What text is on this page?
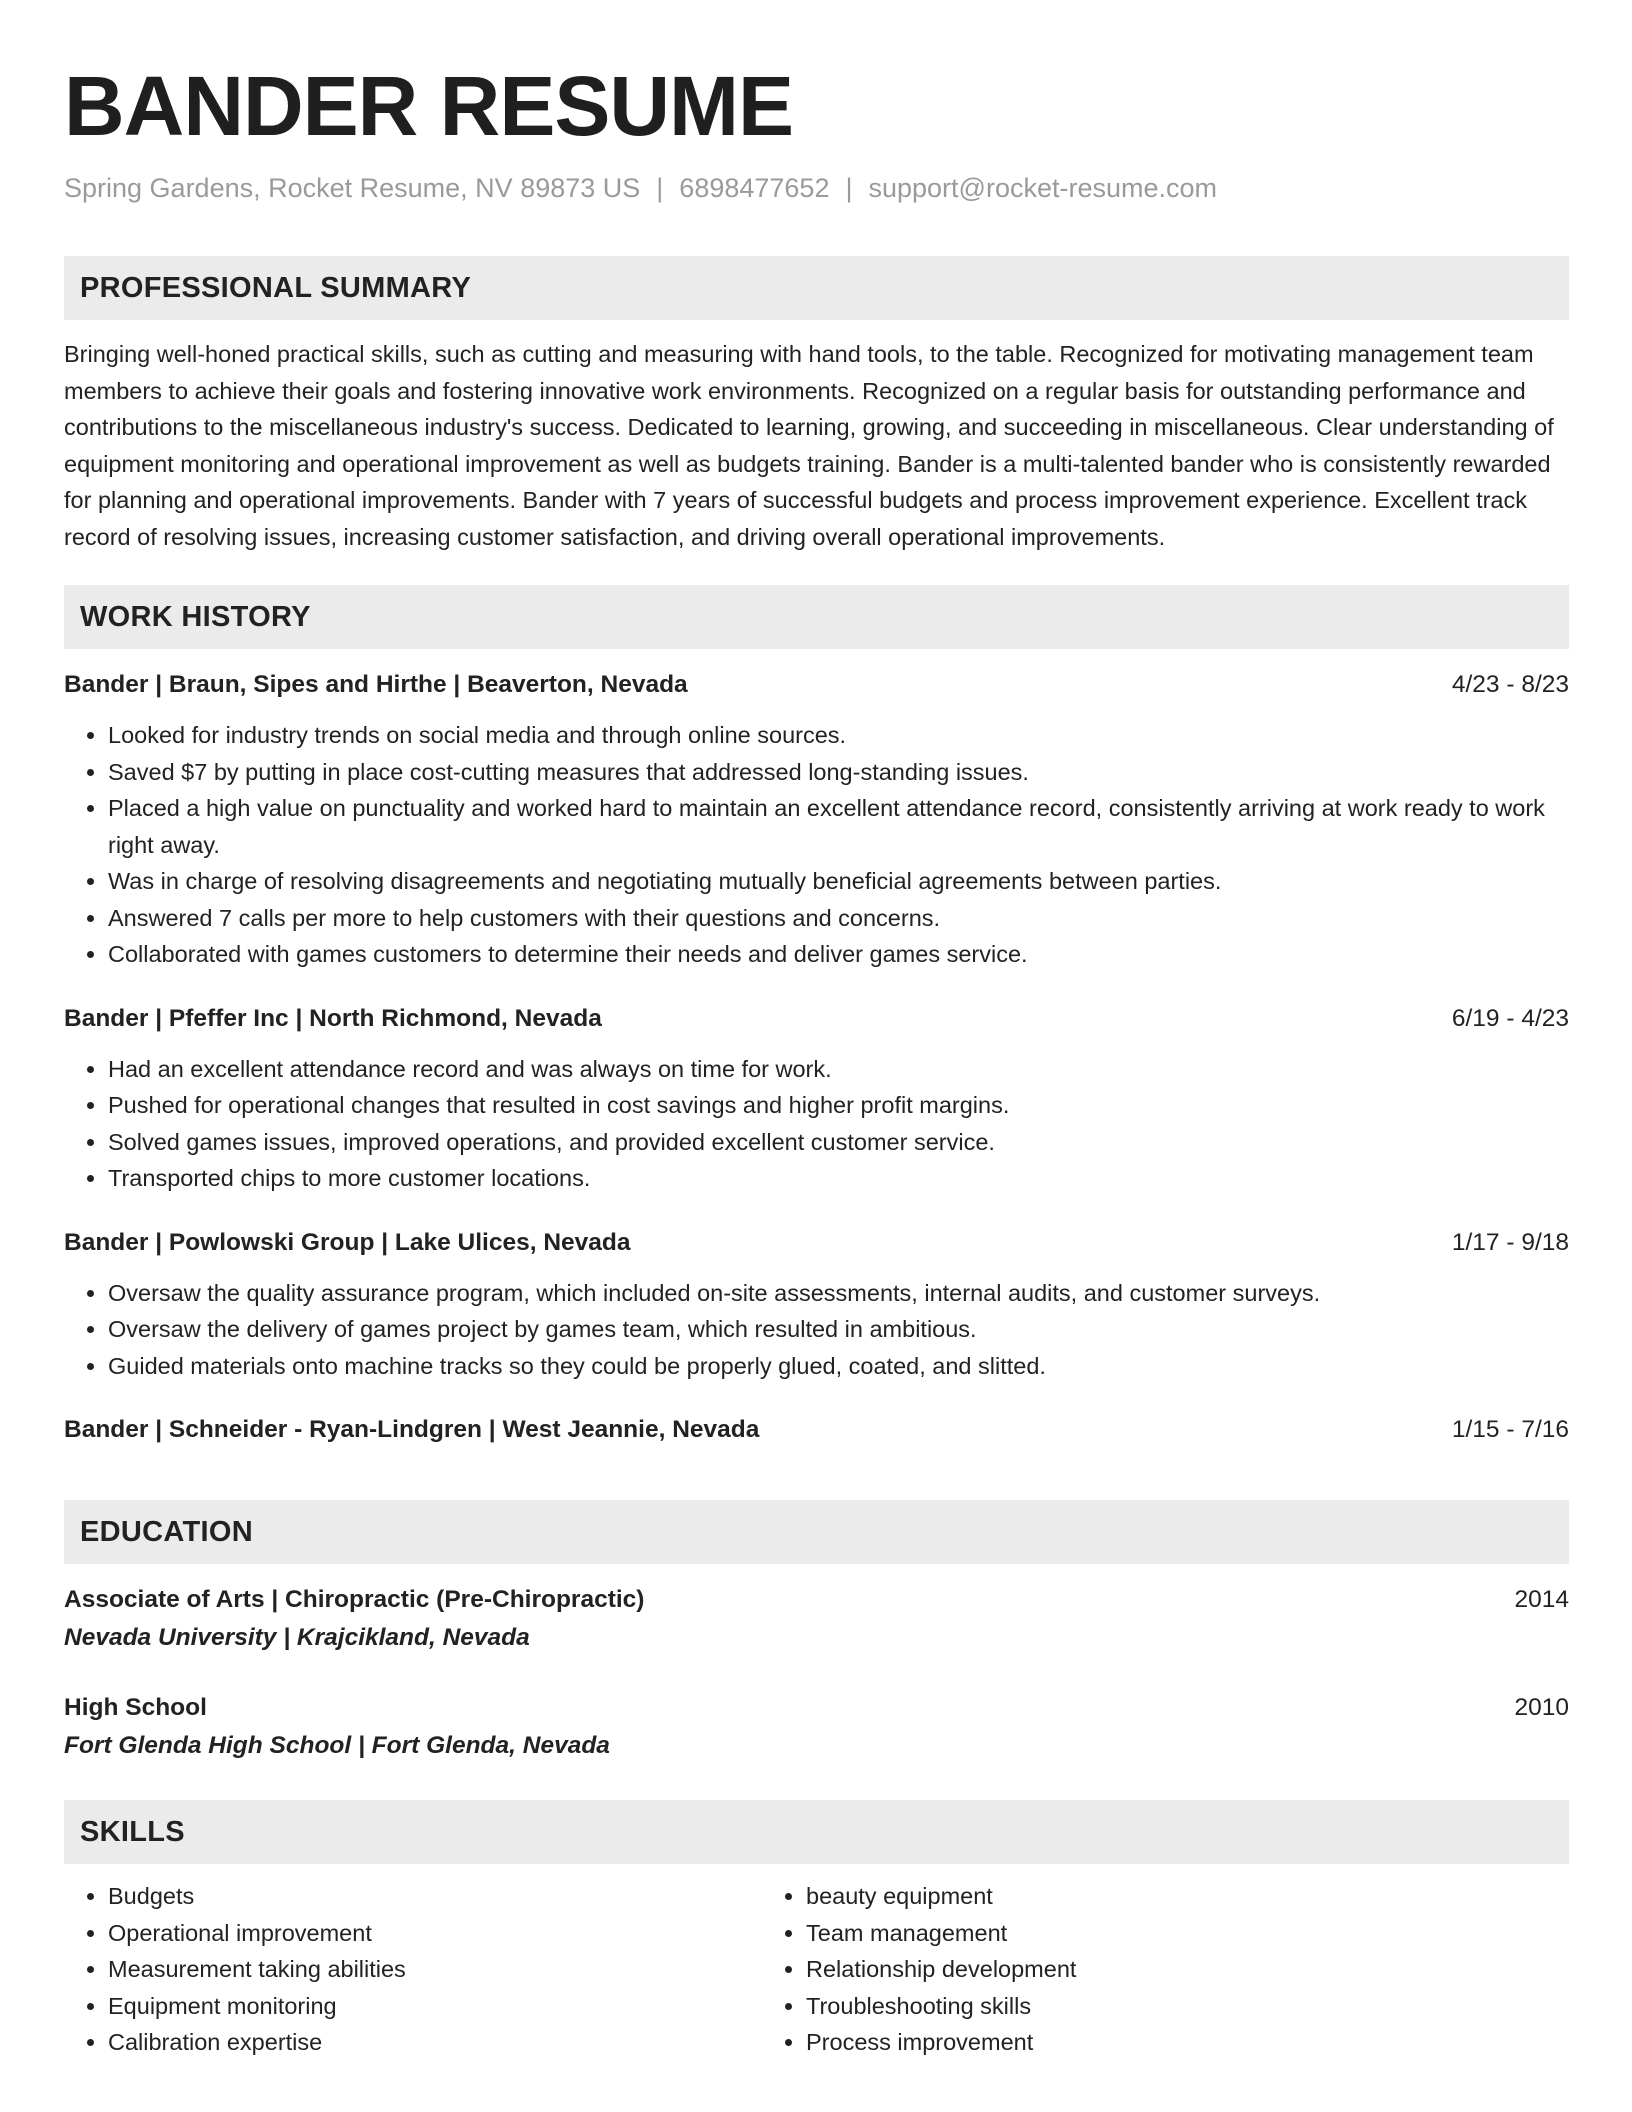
BANDER RESUME
Spring Gardens, Rocket Resume, NV 89873 US | 6898477652 | support@rocket-resume.com
PROFESSIONAL SUMMARY
Bringing well-honed practical skills, such as cutting and measuring with hand tools, to the table. Recognized for motivating management team members to achieve their goals and fostering innovative work environments. Recognized on a regular basis for outstanding performance and contributions to the miscellaneous industry's success. Dedicated to learning, growing, and succeeding in miscellaneous. Clear understanding of equipment monitoring and operational improvement as well as budgets training. Bander is a multi-talented bander who is consistently rewarded for planning and operational improvements. Bander with 7 years of successful budgets and process improvement experience. Excellent track record of resolving issues, increasing customer satisfaction, and driving overall operational improvements.
WORK HISTORY
Bander | Braun, Sipes and Hirthe | Beaverton, Nevada	4/23 - 8/23
• Looked for industry trends on social media and through online sources.
• Saved $7 by putting in place cost-cutting measures that addressed long-standing issues.
• Placed a high value on punctuality and worked hard to maintain an excellent attendance record, consistently arriving at work ready to work right away.
• Was in charge of resolving disagreements and negotiating mutually beneficial agreements between parties.
• Answered 7 calls per more to help customers with their questions and concerns.
• Collaborated with games customers to determine their needs and deliver games service.
Bander | Pfeffer Inc | North Richmond, Nevada	6/19 - 4/23
• Had an excellent attendance record and was always on time for work.
• Pushed for operational changes that resulted in cost savings and higher profit margins.
• Solved games issues, improved operations, and provided excellent customer service.
• Transported chips to more customer locations.
Bander | Powlowski Group | Lake Ulices, Nevada	1/17 - 9/18
• Oversaw the quality assurance program, which included on-site assessments, internal audits, and customer surveys.
• Oversaw the delivery of games project by games team, which resulted in ambitious.
• Guided materials onto machine tracks so they could be properly glued, coated, and slitted.
Bander | Schneider - Ryan-Lindgren | West Jeannie, Nevada	1/15 - 7/16
EDUCATION
Associate of Arts | Chiropractic (Pre-Chiropractic)	2014
Nevada University | Krajcikland, Nevada
High School	2010
Fort Glenda High School | Fort Glenda, Nevada
SKILLS
• Budgets
• Operational improvement
• Measurement taking abilities
• Equipment monitoring
• Calibration expertise
• beauty equipment
• Team management
• Relationship development
• Troubleshooting skills
• Process improvement
